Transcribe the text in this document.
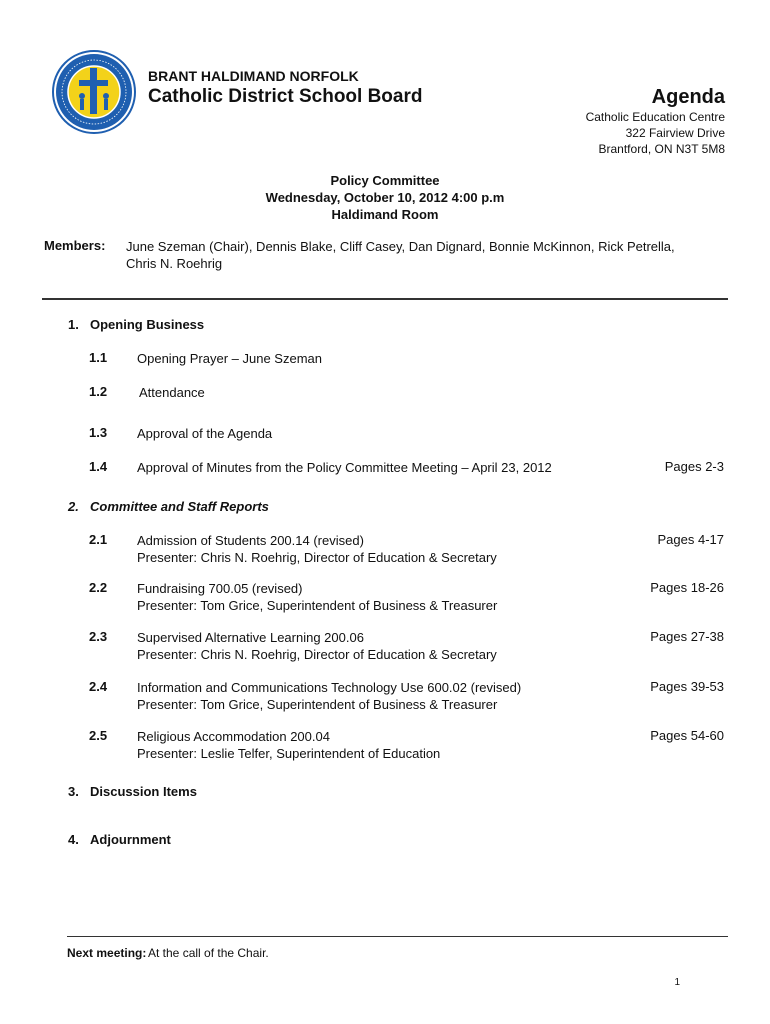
BRANT HALDIMAND NORFOLK
Catholic District School Board	Agenda
Catholic Education Centre
322 Fairview Drive
Brantford, ON N3T 5M8
Policy Committee
Wednesday, October 10, 2012 4:00 p.m
Haldimand Room
Members: June Szeman (Chair), Dennis Blake, Cliff Casey, Dan Dignard, Bonnie McKinnon, Rick Petrella,
Chris N. Roehrig
1. Opening Business
1.1 Opening Prayer – June Szeman
1.2 Attendance
1.3 Approval of the Agenda
1.4 Approval of Minutes from the Policy Committee Meeting – April 23, 2012	Pages 2-3
2. Committee and Staff Reports
2.1 Admission of Students 200.14 (revised)
Presenter: Chris N. Roehrig, Director of Education & Secretary
Pages 4-17
2.2 Fundraising 700.05 (revised)
Presenter: Tom Grice, Superintendent of Business & Treasurer
Pages 18-26
2.3 Supervised Alternative Learning 200.06
Presenter: Chris N. Roehrig, Director of Education & Secretary
Pages 27-38
2.4 Information and Communications Technology Use 600.02 (revised)
Presenter: Tom Grice, Superintendent of Business & Treasurer
Pages 39-53
2.5 Religious Accommodation 200.04
Presenter: Leslie Telfer, Superintendent of Education
Pages 54-60
3. Discussion Items
4. Adjournment
Next meeting: At the call of the Chair.
1
